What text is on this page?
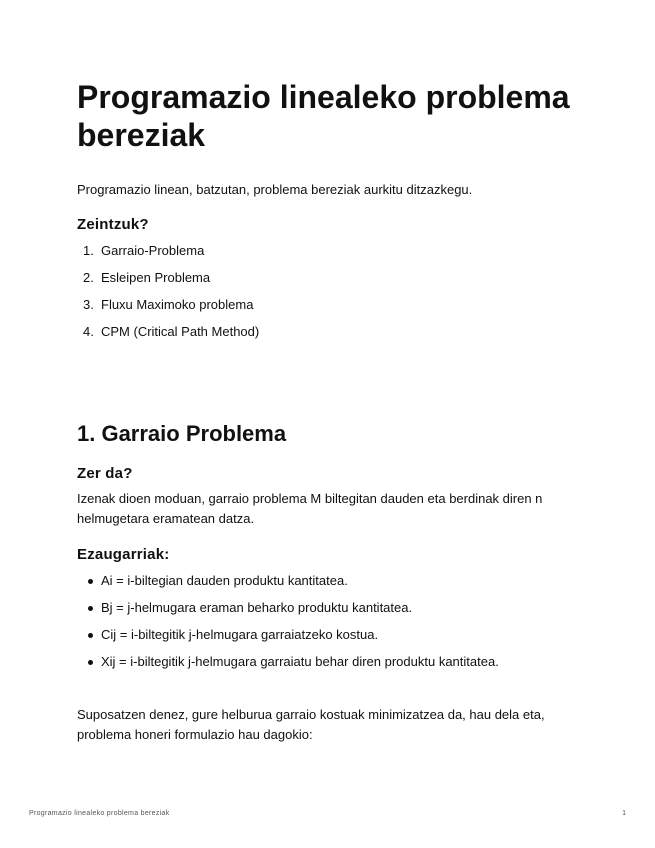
Programazio linealeko problema bereziak

Programazio linean, batzutan, problema bereziak aurkitu ditzazkegu.

Zeintzuk?
1. Garraio-Problema
2. Esleipen Problema
3. Fluxu Maximoko problema
4. CPM (Critical Path Method)
1. Garraio Problema
Zer da?

Izenak dioen moduan, garraio problema M biltegitan dauden eta berdinak diren n helmugetara eramatean datza.

Ezaugarriak:
Ai = i-biltegian dauden produktu kantitatea.
Bj = j-helmugara eraman beharko produktu kantitatea.
Cij = i-biltegitik j-helmugara garraiatzeko kostua.
Xij = i-biltegitik j-helmugara garraiatu behar diren produktu kantitatea.

Suposatzen denez, gure helburua garraio kostuak minimizatzea da, hau dela eta, problema honeri formulazio hau dagokio:

Programazio linealeko problema bereziak	1
